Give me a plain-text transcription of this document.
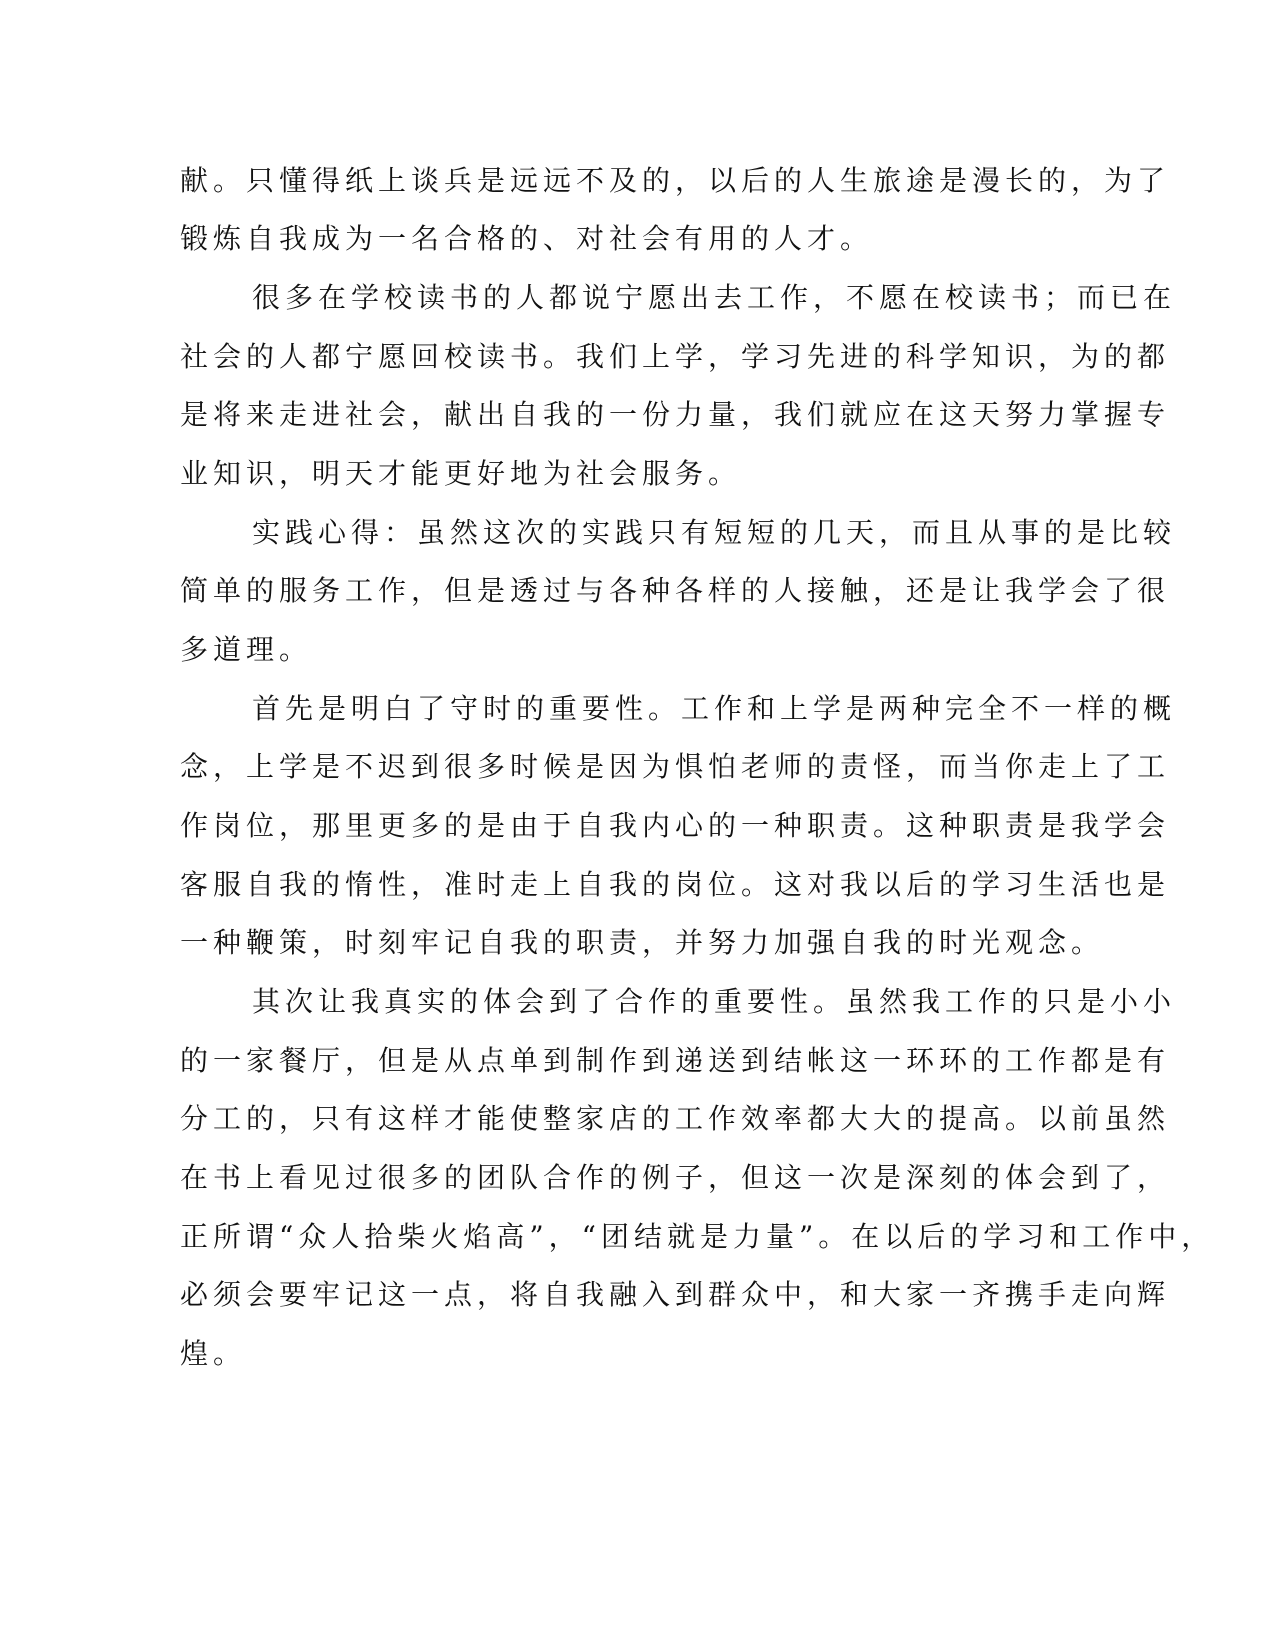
献。只懂得纸上谈兵是远远不及的，以后的人生旅途是漫长的，为了
锻炼自我成为一名合格的、对社会有用的人才。
很多在学校读书的人都说宁愿出去工作，不愿在校读书；而已在
社会的人都宁愿回校读书。我们上学，学习先进的科学知识，为的都
是将来走进社会，献出自我的一份力量，我们就应在这天努力掌握专
业知识，明天才能更好地为社会服务。
实践心得：虽然这次的实践只有短短的几天，而且从事的是比较
简单的服务工作，但是透过与各种各样的人接触，还是让我学会了很
多道理。
首先是明白了守时的重要性。工作和上学是两种完全不一样的概
念，上学是不迟到很多时候是因为惧怕老师的责怪，而当你走上了工
作岗位，那里更多的是由于自我内心的一种职责。这种职责是我学会
客服自我的惰性，准时走上自我的岗位。这对我以后的学习生活也是
一种鞭策，时刻牢记自我的职责，并努力加强自我的时光观念。
其次让我真实的体会到了合作的重要性。虽然我工作的只是小小
的一家餐厅，但是从点单到制作到递送到结帐这一环环的工作都是有
分工的，只有这样才能使整家店的工作效率都大大的提高。以前虽然
在书上看见过很多的团队合作的例子，但这一次是深刻的体会到了，
正所谓“众人拾柴火焰高”，“团结就是力量”。在以后的学习和工作中，
必须会要牢记这一点，将自我融入到群众中，和大家一齐携手走向辉
煌。
